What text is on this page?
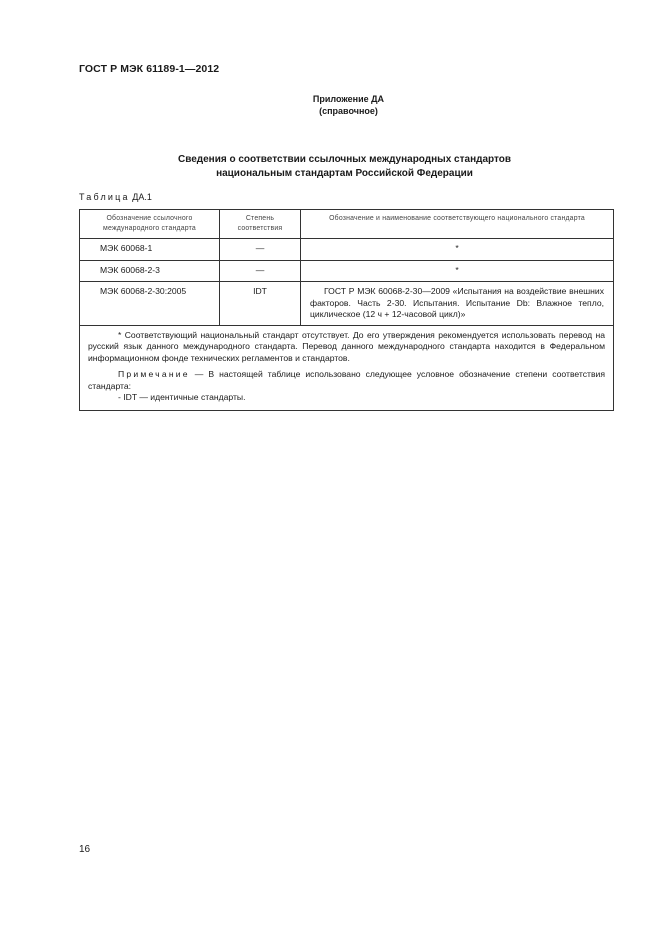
ГОСТ Р МЭК 61189-1—2012
Приложение ДА
(справочное)
Сведения о соответствии ссылочных международных стандартов
национальным стандартам Российской Федерации
Таблица ДА.1
Обозначение ссылочного международного стандарта	Степень соответствия	Обозначение и наименование соответствующего национального стандарта
МЭК 60068-1	—	*
МЭК 60068-2-3	—	*
МЭК 60068-2-30:2005	IDT	ГОСТ Р МЭК 60068-2-30—2009 «Испытания на воздействие внешних факторов. Часть 2-30. Испытания. Испытание Db: Влажное тепло, циклическое (12 ч + 12-часовой цикл)»

* Соответствующий национальный стандарт отсутствует. До его утверждения рекомендуется использовать перевод на русский язык данного международного стандарта. Перевод данного международного стандарта находится в Федеральном информационном фонде технических регламентов и стандартов.

Примечание — В настоящей таблице использовано следующее условное обозначение степени соответствия стандарта:

- IDT — идентичные стандарты.		

16
